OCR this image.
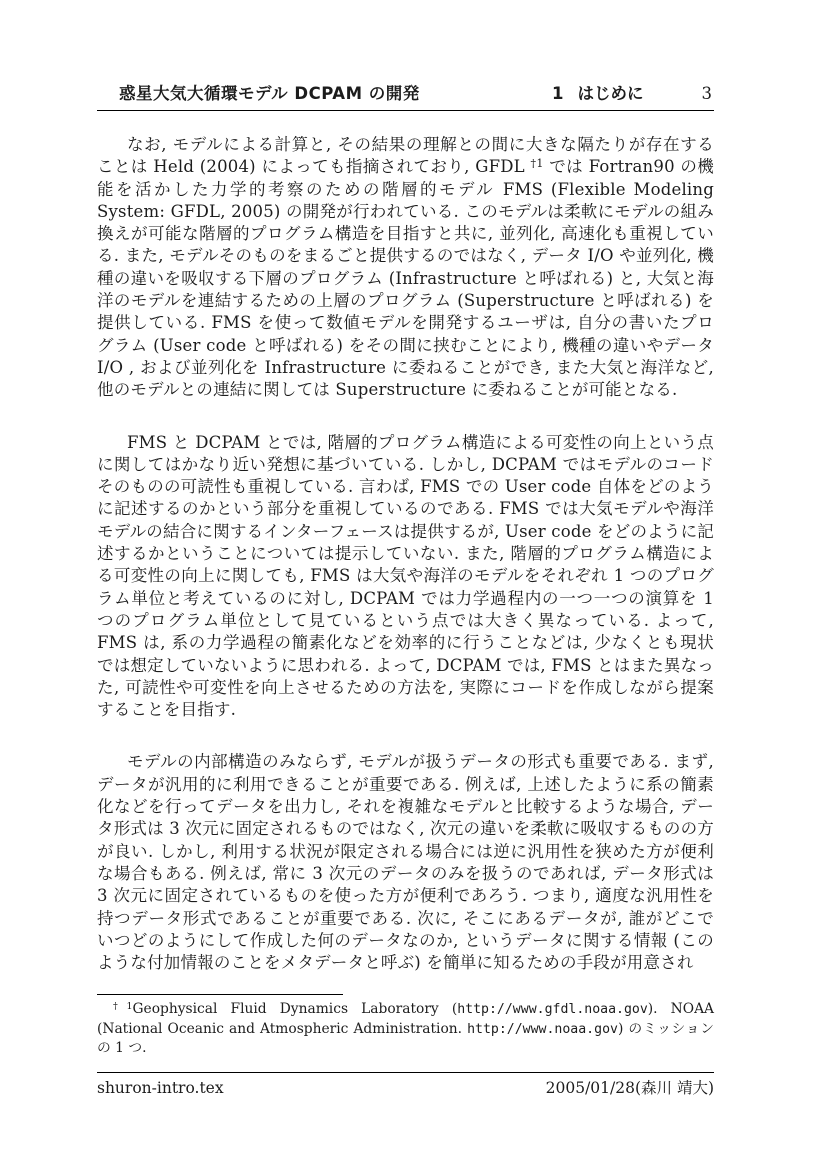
惑星大気大循環モデル DCPAM の開発	1 はじめに	3

なお, モデルによる計算と, その結果の理解との間に大きな隔たりが存在することは Held (2004) によっても指摘されており, GFDL $^{\dagger 1}$ では Fortran90 の機能を活かした力学的考察のための階層的モデル FMS (Flexible Modeling System: GFDL, 2005) の開発が行われている. このモデルは柔軟にモデルの組み換えが可能な階層的プログラム構造を目指すと共に, 並列化, 高速化も重視している. また, モデルそのものをまるごと提供するのではなく, データ I/O や並列化, 機種の違いを吸収する下層のプログラム (Infrastructure と呼ばれる) と, 大気と海洋のモデルを連結するための上層のプログラム (Superstructure と呼ばれる) を提供している. FMS を使って数値モデルを開発するユーザは, 自分の書いたプログラム (User code と呼ばれる) をその間に挟むことにより, 機種の違いやデータ I/O , および並列化を Infrastructure に委ねることができ, また大気と海洋など, 他のモデルとの連結に関しては Superstructure に委ねることが可能となる.

FMS と DCPAM とでは, 階層的プログラム構造による可変性の向上という点に関してはかなり近い発想に基づいている. しかし, DCPAM ではモデルのコードそのものの可読性も重視している. 言わば, FMS での User code 自体をどのように記述するのかという部分を重視しているのである. FMS では大気モデルや海洋モデルの結合に関するインターフェースは提供するが, User code をどのように記述するかということについては提示していない. また, 階層的プログラム構造による可変性の向上に関しても, FMS は大気や海洋のモデルをそれぞれ 1 つのプログラム単位と考えているのに対し, DCPAM では力学過程内の一つ一つの演算を 1 つのプログラム単位として見ているという点では大きく異なっている. よって, FMS は, 系の力学過程の簡素化などを効率的に行うことなどは, 少なくとも現状では想定していないように思われる. よって, DCPAM では, FMS とはまた異なった, 可読性や可変性を向上させるための方法を, 実際にコードを作成しながら提案することを目指す.

モデルの内部構造のみならず, モデルが扱うデータの形式も重要である. まず, データが汎用的に利用できることが重要である. 例えば, 上述したように系の簡素化などを行ってデータを出力し, それを複雑なモデルと比較するような場合, データ形式は 3 次元に固定されるものではなく, 次元の違いを柔軟に吸収するものの方が良い. しかし, 利用する状況が限定される場合には逆に汎用性を狭めた方が便利な場合もある. 例えば, 常に 3 次元のデータのみを扱うのであれば, データ形式は 3 次元に固定されているものを使った方が便利であろう. つまり, 適度な汎用性を持つデータ形式であることが重要である. 次に, そこにあるデータが, 誰がどこでいつどのようにして作成した何のデータなのか, というデータに関する情報 (このような付加情報のことをメタデータと呼ぶ) を簡単に知るための手段が用意され

$^{\dagger 1}$Geophysical Fluid Dynamics Laboratory (http://www.gfdl.noaa.gov). NOAA (National Oceanic and Atmospheric Administration. http://www.noaa.gov) のミッションの 1 つ.

shuron-intro.tex	2005/01/28(森川 靖大)
